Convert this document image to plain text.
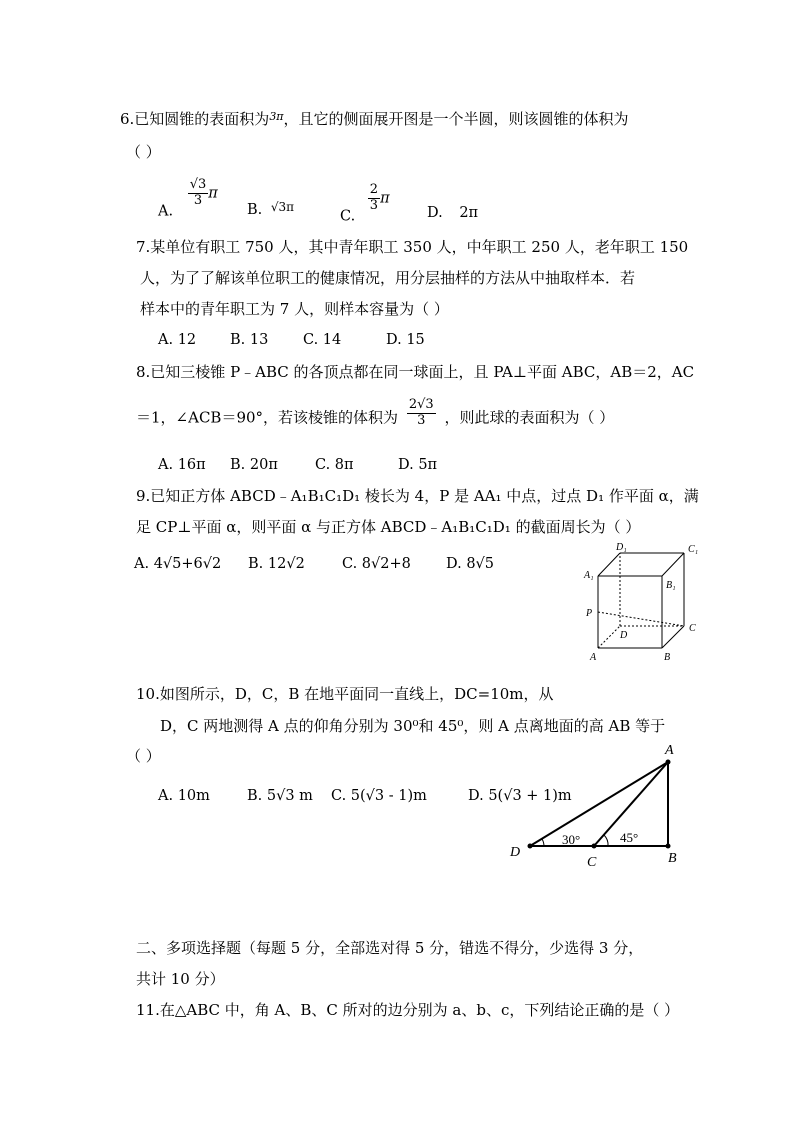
6.已知圆锥的表面积为$^{3\pi}$，且它的侧面展开图是一个半圆，则该圆锥的体积为
（ ）
A.
$\frac{√3}{3}$ π
B. $^{√3\pi}$
C.
$\frac{2}{3}$ π
D. 2π
7.某单位有职工 750 人，其中青年职工 350 人，中年职工 250 人，老年职工 150
人，为了了解该单位职工的健康情况，用分层抽样的方法从中抽取样本．若
样本中的青年职工为 7 人，则样本容量为（ ）
A. 12 B. 13 C. 14	D. 15
8.已知三棱锥 P﹣ABC 的各顶点都在同一球面上，且 PA⊥平面 ABC，AB＝2，AC
＝1，∠ACB＝90°，若该棱锥的体积为 $\frac{2√3}{3}$ ，则此球的表面积为（ ）
A. 16π B. 20π	C. 8π	D. 5π
9.已知正方体 ABCD﹣A₁B₁C₁D₁ 棱长为 4，P 是 AA₁ 中点，过点 D₁ 作平面 α，满
足 CP⊥平面 α，则平面 α 与正方体 ABCD﹣A₁B₁C₁D₁ 的截面周长为（ ）
A. 4√5+6√2 B. 12√2	C. 8√2+8 D. 8√5
D₁	C₁
A₁
B₁
P
D
C
A	B
10.如图所示，D，C，B 在地平面同一直线上，DC=10m，从
D，C 两地测得 A 点的仰角分别为 30⁰和 45⁰，则 A 点离地面的高 AB 等于
（ ）
A. 10m	B. 5√3 m C. 5(√3 - 1)m	D. 5(√3 + 1)m
A
D
C	B
30°	45°
二、多项选择题（每题 5 分，全部选对得 5 分，错选不得分，少选得 3 分，
共计 10 分）
11.在△ABC 中，角 A、B、C 所对的边分别为 a、b、c，下列结论正确的是（ ）
